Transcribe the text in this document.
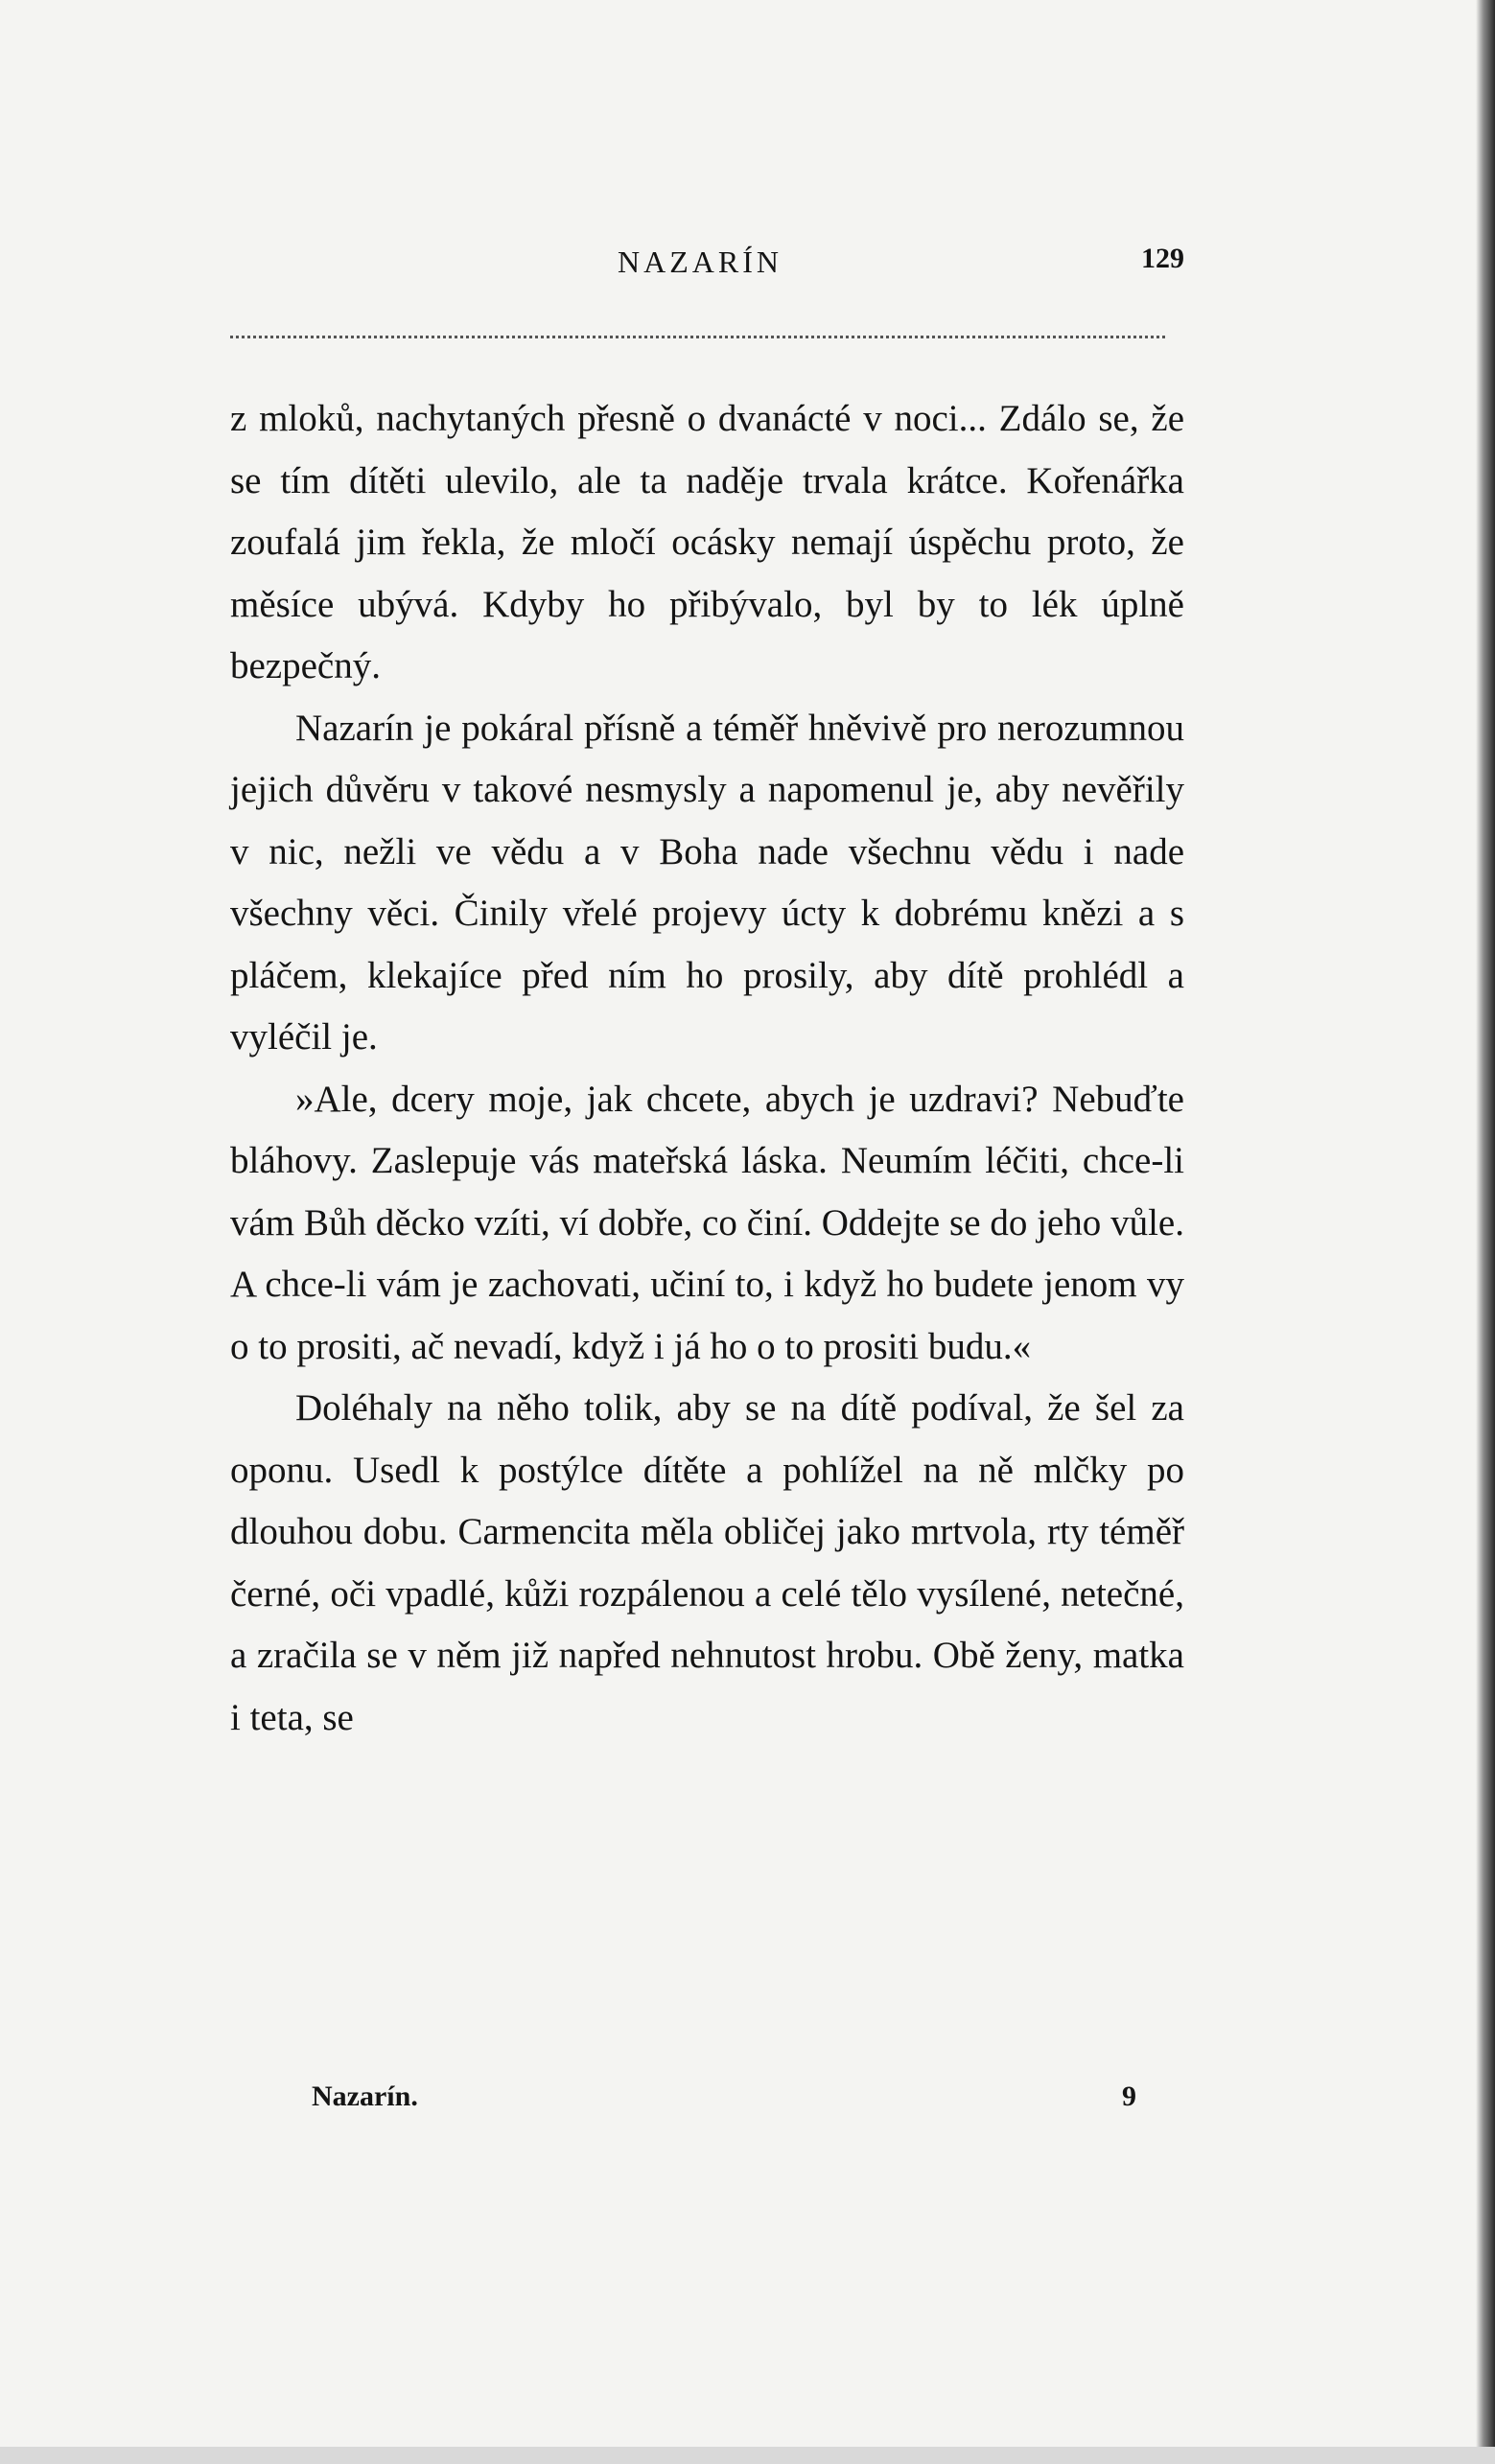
NAZARÍN	129

z mloků, nachytaných přesně o dvanácté v noci... Zdálo se, že se tím dítěti ulevilo, ale ta naděje trvala krátce. Kořenářka zoufalá jim řekla, že mločí ocásky nemají úspěchu proto, že měsíce ubývá. Kdyby ho přibývalo, byl by to lék úplně bezpečný.

Nazarín je pokáral přísně a téměř hněvivě pro nerozumnou jejich důvěru v takové nesmysly a napomenul je, aby nevěřily v nic, nežli ve vědu a v Boha nade všechnu vědu i nade všechny věci. Činily vřelé projevy úcty k dobrému knězi a s pláčem, klekajíce před ním ho prosily, aby dítě prohlédl a vyléčil je.

»Ale, dcery moje, jak chcete, abych je uzdravi? Nebuďte bláhovy. Zaslepuje vás mateřská láska. Neumím léčiti, chce-li vám Bůh děcko vzíti, ví dobře, co činí. Oddejte se do jeho vůle. A chce-li vám je zachovati, učiní to, i když ho budete jenom vy o to prositi, ač nevadí, když i já ho o to prositi budu.«

Doléhaly na něho tolik, aby se na dítě podíval, že šel za oponu. Usedl k postýlce dítěte a pohlížel na ně mlčky po dlouhou dobu. Carmencita měla obličej jako mrtvola, rty téměř černé, oči vpadlé, kůži rozpálenou a celé tělo vysílené, netečné, a zračila se v něm již napřed nehnutost hrobu. Obě ženy, matka i teta, se

Nazarín.	9
